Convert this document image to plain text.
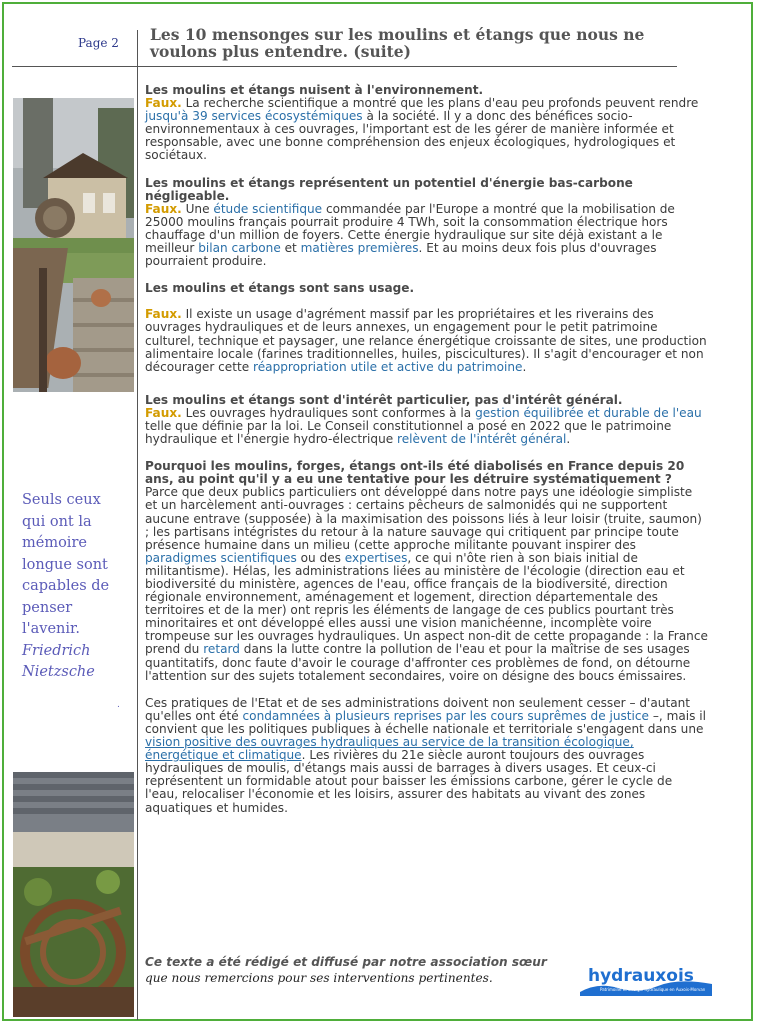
Page 2 Les 10 mensonges sur les moulins et étangs que nous ne voulons plus entendre. (suite)
Seuls ceux qui ont la mémoire longue sont capables de penser l'avenir.
Friedrich Nietzsche
.

Les moulins et étangs nuisent à l'environnement.
Faux. La recherche scientifique a montré que les plans d'eau peu profonds peuvent rendre jusqu'à 39 services écosystémiques à la société. Il y a donc des bénéfices socio-environnementaux à ces ouvrages, l'important est de les gérer de manière informée et responsable, avec une bonne compréhension des enjeux écologiques, hydrologiques et sociétaux.

Les moulins et étangs représentent un potentiel d'énergie bas-carbone négligeable.
Faux. Une étude scientifique commandée par l'Europe a montré que la mobilisation de 25000 moulins français pourrait produire 4 TWh, soit la consommation électrique hors chauffage d'un million de foyers. Cette énergie hydraulique sur site déjà existant a le meilleur bilan carbone et matières premières. Et au moins deux fois plus d'ouvrages pourraient produire.

Les moulins et étangs sont sans usage.

Faux. Il existe un usage d'agrément massif par les propriétaires et les riverains des ouvrages hydrauliques et de leurs annexes, un engagement pour le petit patrimoine culturel, technique et paysager, une relance énergétique croissante de sites, une production alimentaire locale (farines traditionnelles, huiles, piscicultures). Il s'agit d'encourager et non décourager cette réappropriation utile et active du patrimoine.

Les moulins et étangs sont d'intérêt particulier, pas d'intérêt général.
Faux. Les ouvrages hydrauliques sont conformes à la gestion équilibrée et durable de l'eau telle que définie par la loi. Le Conseil constitutionnel a posé en 2022 que le patrimoine hydraulique et l'énergie hydro-électrique relèvent de l'intérêt général.

Pourquoi les moulins, forges, étangs ont-ils été diabolisés en France depuis 20 ans, au point qu'il y a eu une tentative pour les détruire systématiquement ? Parce que deux publics particuliers ont développé dans notre pays une idéologie simpliste et un harcèlement anti-ouvrages : certains pêcheurs de salmonidés qui ne supportent aucune entrave (supposée) à la maximisation des poissons liés à leur loisir (truite, saumon) ; les partisans intégristes du retour à la nature sauvage qui critiquent par principe toute présence humaine dans un milieu (cette approche militante pouvant inspirer des paradigmes scientifiques ou des expertises, ce qui n'ôte rien à son biais initial de militantisme). Hélas, les administrations liées au ministère de l'écologie (direction eau et biodiversité du ministère, agences de l'eau, office français de la biodiversité, direction régionale environnement, aménagement et logement, direction départementale des territoires et de la mer) ont repris les éléments de langage de ces publics pourtant très minoritaires et ont développé elles aussi une vision manichéenne, incomplète voire trompeuse sur les ouvrages hydrauliques. Un aspect non-dit de cette propagande : la France prend du retard dans la lutte contre la pollution de l'eau et pour la maîtrise de ses usages quantitatifs, donc faute d'avoir le courage d'affronter ces problèmes de fond, on détourne l'attention sur des sujets totalement secondaires, voire on désigne des boucs émissaires.

Ces pratiques de l'Etat et de ses administrations doivent non seulement cesser – d'autant qu'elles ont été condamnées à plusieurs reprises par les cours suprêmes de justice –, mais il convient que les politiques publiques à échelle nationale et territoriale s'engagent dans une vision positive des ouvrages hydrauliques au service de la transition écologique, énergétique et climatique. Les rivières du 21e siècle auront toujours des ouvrages hydrauliques de moulis, d'étangs mais aussi de barrages à divers usages. Et ceux-ci représentent un formidable atout pour baisser les émissions carbone, gérer le cycle de l'eau, relocaliser l'économie et les loisirs, assurer des habitats au vivant des zones aquatiques et humides.

Ce texte a été rédigé et diffusé par notre association sœur
que nous remercions pour ses interventions pertinentes.	hydrauxois
Patrimoine et énergie hydraulique en Auxois-Morvan
